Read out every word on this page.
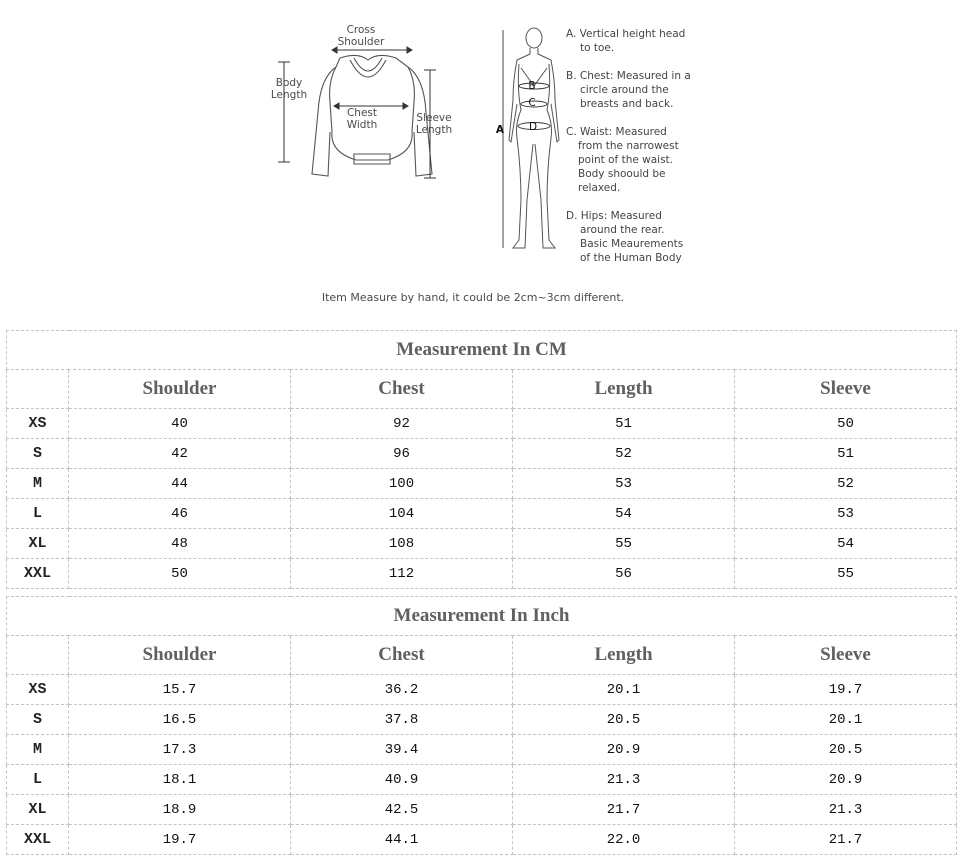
Cross
Shoulder
Body
Length
Chest
Width
Sleeve
Length
B
C
D
A
A. Vertical height head
to toe.
B. Chest: Measured in a
circle around the
breasts and back.
C. Waist: Measured
from the narrowest
point of the waist.
Body shoould be
relaxed.
D. Hips: Measured
around the rear.
Basic Meaurements
of the Human Body
Item Measure by hand, it could be 2cm~3cm different.
Measurement In CM				
	Shoulder	Chest	Length	Sleeve
XS	40	92	51	50
S	42	96	52	51
M	44	100	53	52
L	46	104	54	53
XL	48	108	55	54
XXL	50	112	56	55
Measurement In Inch				
	Shoulder	Chest	Length	Sleeve
XS	15.7	36.2	20.1	19.7
S	16.5	37.8	20.5	20.1
M	17.3	39.4	20.9	20.5
L	18.1	40.9	21.3	20.9
XL	18.9	42.5	21.7	21.3
XXL	19.7	44.1	22.0	21.7
